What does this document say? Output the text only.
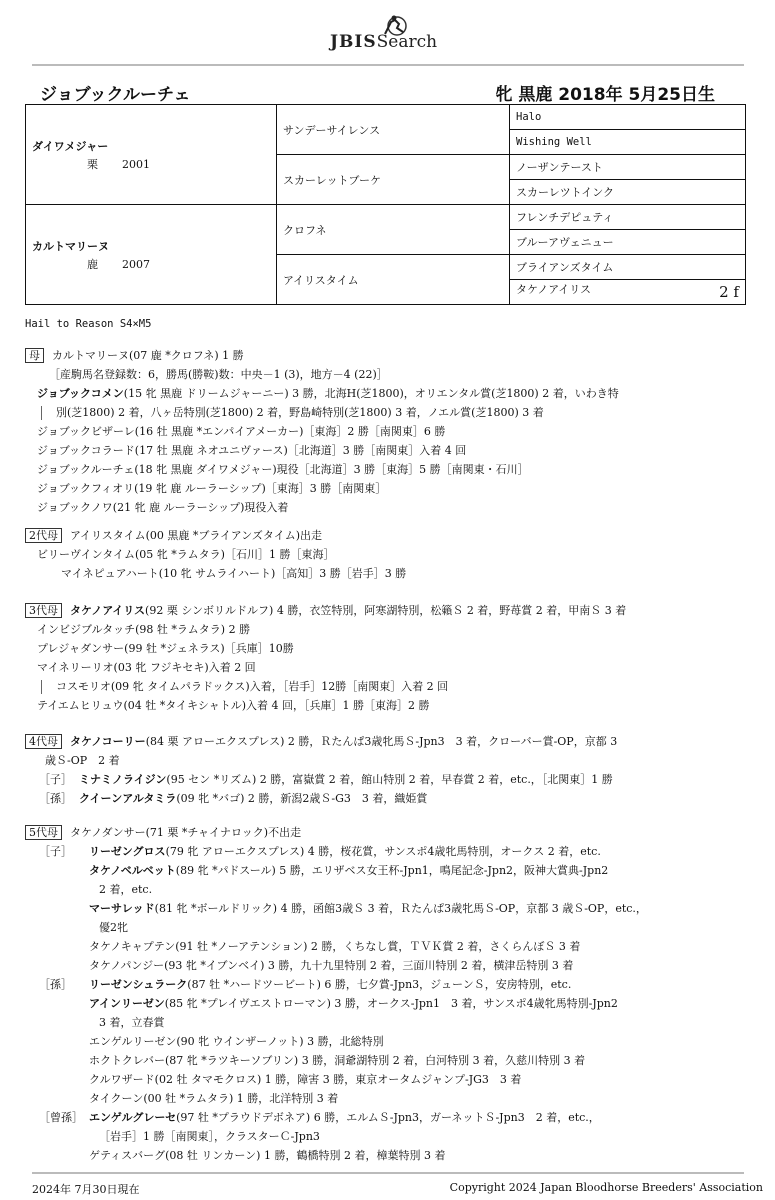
JBISSearch
ジョブックルーチェ	牝 黒鹿 2018年 5月25日生
ダイワメジャー
栗 2001	サンデーサイレンス	Halo
		Wishing Well
	スカーレットブーケ	ノーザンテースト
		スカーレツトインク

カルトマリーヌ
鹿 2007	クロフネ	フレンチデピュティ
		ブルーアヴェニュー
	アイリスタイム	ブライアンズタイム
		タケノアイリス 2 f
Hail to Reason S4×M5
母 カルトマリーヌ(07 鹿 *クロフネ) 1 勝
［産駒馬名登録数：6，勝馬(勝鞍)数：中央－1 (3)，地方－4 (22)］
ジョブックコメン(15 牝 黒鹿 ドリームジャーニー) 3 勝，北海H(芝1800)，オリエンタル賞(芝1800) 2 着，いわき特
別(芝1800) 2 着，八ヶ岳特別(芝1800) 2 着，野島崎特別(芝1800) 3 着，ノエル賞(芝1800) 3 着
ジョブックビザーレ(16 牡 黒鹿 *エンパイアメーカー)［東海］2 勝［南関東］6 勝
ジョブックコラード(17 牡 黒鹿 ネオユニヴァース)［北海道］3 勝［南関東］入着 4 回
ジョブックルーチェ(18 牝 黒鹿 ダイワメジャー)現役［北海道］3 勝［東海］5 勝［南関東・石川］
ジョブックフィオリ(19 牝 鹿 ルーラーシップ)［東海］3 勝［南関東］
ジョブックノワ(21 牝 鹿 ルーラーシップ)現役入着
2代母 アイリスタイム(00 黒鹿 *ブライアンズタイム)出走
ビリーヴインタイム(05 牝 *ラムタラ)［石川］1 勝［東海］
マイネピュアハート(10 牝 サムライハート)［高知］3 勝［岩手］3 勝
3代母 タケノアイリス(92 栗 シンボリルドルフ) 4 勝，衣笠特別，阿寒湖特別，松籟Ｓ 2 着，野苺賞 2 着，甲南Ｓ 3 着
インビジブルタッチ(98 牡 *ラムタラ) 2 勝
プレジャダンサー(99 牡 *ジェネラス)［兵庫］10勝
マイネリーリオ(03 牝 フジキセキ)入着 2 回
コスモリオ(09 牝 タイムパラドックス)入着，［岩手］12勝［南関東］入着 2 回
テイエムヒリュウ(04 牡 *タイキシャトル)入着 4 回，［兵庫］1 勝［東海］2 勝
4代母 タケノコーリー(84 栗 アローエクスプレス) 2 勝，Ｒたんぱ3歳牝馬Ｓ-Jpn3　3 着，クローバー賞-OP，京都 3
歳Ｓ-OP　2 着
［子］ ミナミノライジン(95 セン *リズム) 2 勝，富嶽賞 2 着，館山特別 2 着，早春賞 2 着，etc.，［北関東］1 勝
［孫］ クイーンアルタミラ(09 牝 *バゴ) 2 勝，新潟2歳Ｓ-G3　3 着，織姫賞
5代母 タケノダンサー(71 栗 *チャイナロック)不出走
［子］ リーゼングロス(79 牝 アローエクスプレス) 4 勝，桜花賞，サンスポ4歳牝馬特別，オークス 2 着，etc.
タケノベルベット(89 牝 *パドスール) 5 勝，エリザベス女王杯-Jpn1，鳴尾記念-Jpn2，阪神大賞典-Jpn2
2 着，etc.
マーサレッド(81 牝 *ボールドリック) 4 勝，函館3歳Ｓ 3 着，Ｒたんぱ3歳牝馬Ｓ-OP，京都 3 歳Ｓ-OP，etc.，
優2牝
タケノキャプテン(91 牡 *ノーアテンション) 2 勝，くちなし賞，ＴＶＫ賞 2 着，さくらんぼＳ 3 着
タケノパンジー(93 牝 *イブンベイ) 3 勝，九十九里特別 2 着，三面川特別 2 着，横津岳特別 3 着
［孫］ リーゼンシュラーク(87 牡 *ハードツービート) 6 勝，七夕賞-Jpn3，ジューンＳ，安房特別，etc.
アインリーゼン(85 牝 *プレイヴエストローマン) 3 勝，オークス-Jpn1　3 着，サンスポ4歳牝馬特別-Jpn2
3 着，立春賞
エンゲルリーゼン(90 牝 ウインザーノット) 3 勝，北総特別
ホクトクレバー(87 牝 *ラツキーソブリン) 3 勝，洞爺湖特別 2 着，白河特別 3 着，久慈川特別 3 着
クルワザード(02 牡 タマモクロス) 1 勝，障害 3 勝，東京オータムジャンプ-JG3　3 着
タイクーン(00 牡 *ラムタラ) 1 勝，北洋特別 3 着
［曾孫］ エンゲルグレーセ(97 牡 *プラウドデボネア) 6 勝，エルムＳ-Jpn3，ガーネットＳ-Jpn3　2 着，etc.，
［岩手］1 勝［南関東］，クラスターＣ-Jpn3
ゲティスバーグ(08 牡 リンカーン) 1 勝，鶴橋特別 2 着，樟葉特別 3 着
2024年 7月30日現在	Copyright 2024 Japan Bloodhorse Breeders' Association
